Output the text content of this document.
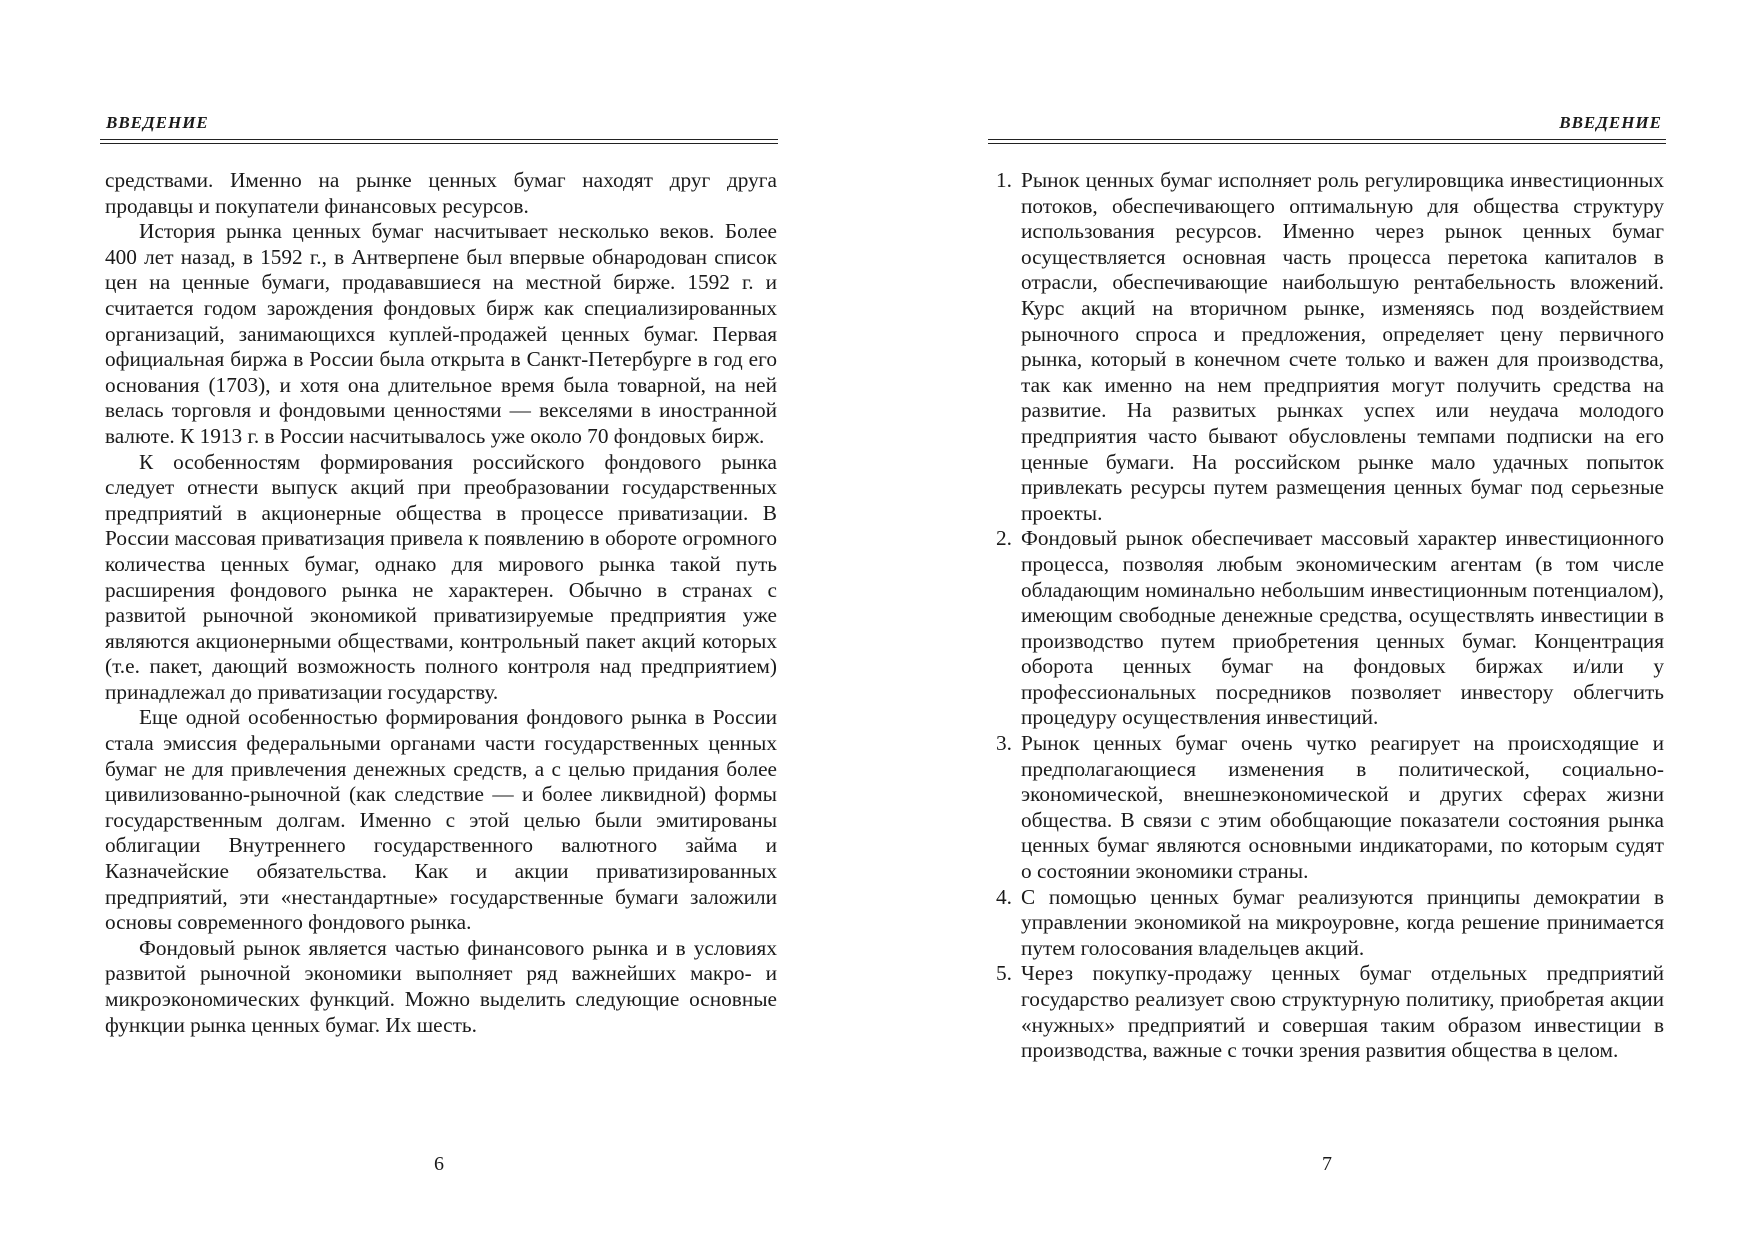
ВВЕДЕНИЕ

средствами. Именно на рынке ценных бумаг находят друг друга продавцы и покупатели финансовых ресурсов.

История рынка ценных бумаг насчитывает несколько веков. Более 400 лет назад, в 1592 г., в Антверпене был впервые обнародован список цен на ценные бумаги, продававшиеся на местной бирже. 1592 г. и считается годом зарождения фондовых бирж как специализированных организаций, занимающихся куплей-продажей ценных бумаг. Первая официальная биржа в России была открыта в Санкт-Петербурге в год его основания (1703), и хотя она длительное время была товарной, на ней велась торговля и фондовыми ценностями — векселями в иностранной валюте. К 1913 г. в России насчитывалось уже около 70 фондовых бирж.

К особенностям формирования российского фондового рынка следует отнести выпуск акций при преобразовании государственных предприятий в акционерные общества в процессе приватизации. В России массовая приватизация привела к появлению в обороте огромного количества ценных бумаг, однако для мирового рынка такой путь расширения фондового рынка не характерен. Обычно в странах с развитой рыночной экономикой приватизируемые предприятия уже являются акционерными обществами, контрольный пакет акций которых (т.е. пакет, дающий возможность полного контроля над предприятием) принадлежал до приватизации государству.

Еще одной особенностью формирования фондового рынка в России стала эмиссия федеральными органами части государственных ценных бумаг не для привлечения денежных средств, а с целью придания более цивилизованно-рыночной (как следствие — и более ликвидной) формы государственным долгам. Именно с этой целью были эмитированы облигации Внутреннего государственного валютного займа и Казначейские обязательства. Как и акции приватизированных предприятий, эти «нестандартные» государственные бумаги заложили основы современного фондового рынка.

Фондовый рынок является частью финансового рынка и в условиях развитой рыночной экономики выполняет ряд важнейших макро- и микроэкономических функций. Можно выделить следующие основные функции рынка ценных бумаг. Их шесть.

6
ВВЕДЕНИЕ
1. Рынок ценных бумаг исполняет роль регулировщика инвестиционных потоков, обеспечивающего оптимальную для общества структуру использования ресурсов. Именно через рынок ценных бумаг осуществляется основная часть процесса перетока капиталов в отрасли, обеспечивающие наибольшую рентабельность вложений. Курс акций на вторичном рынке, изменяясь под воздействием рыночного спроса и предложения, определяет цену первичного рынка, который в конечном счете только и важен для производства, так как именно на нем предприятия могут получить средства на развитие. На развитых рынках успех или неудача молодого предприятия часто бывают обусловлены темпами подписки на его ценные бумаги. На российском рынке мало удачных попыток привлекать ресурсы путем размещения ценных бумаг под серьезные проекты.
2. Фондовый рынок обеспечивает массовый характер инвестиционного процесса, позволяя любым экономическим агентам (в том числе обладающим номинально небольшим инвестиционным потенциалом), имеющим свободные денежные средства, осуществлять инвестиции в производство путем приобретения ценных бумаг. Концентрация оборота ценных бумаг на фондовых биржах и/или у профессиональных посредников позволяет инвестору облегчить процедуру осуществления инвестиций.
3. Рынок ценных бумаг очень чутко реагирует на происходящие и предполагающиеся изменения в политической, социально-экономической, внешнеэкономической и других сферах жизни общества. В связи с этим обобщающие показатели состояния рынка ценных бумаг являются основными индикаторами, по которым судят о состоянии экономики страны.
4. С помощью ценных бумаг реализуются принципы демократии в управлении экономикой на микроуровне, когда решение принимается путем голосования владельцев акций.
5. Через покупку-продажу ценных бумаг отдельных предприятий государство реализует свою структурную политику, приобретая акции «нужных» предприятий и совершая таким образом инвестиции в производства, важные с точки зрения развития общества в целом.
7
